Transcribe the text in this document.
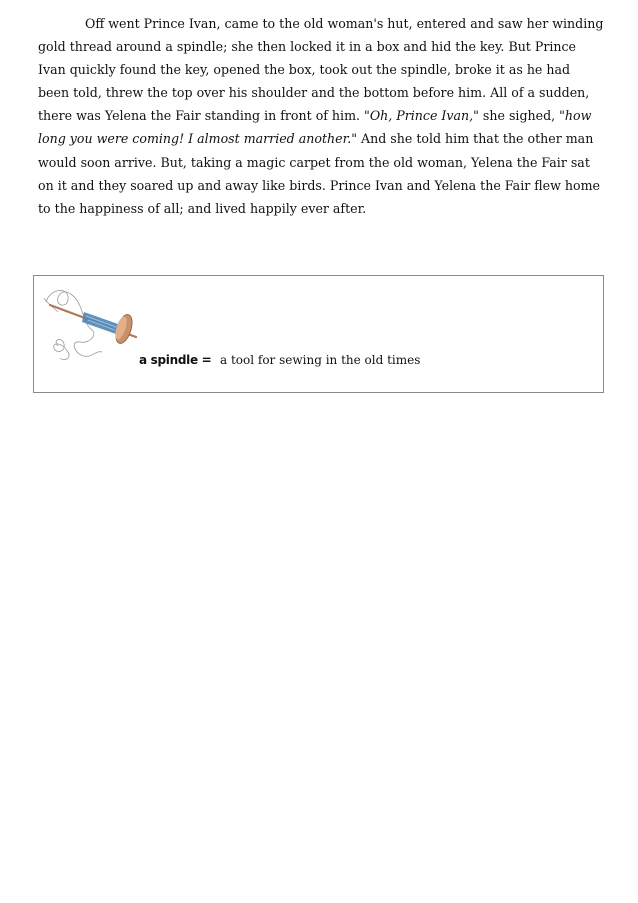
Off went Prince Ivan, came to the old woman's hut, entered and saw her winding gold thread around a spindle; she then locked it in a box and hid the key. But Prince Ivan quickly found the key, opened the box, took out the spindle, broke it as he had been told, threw the top over his shoulder and the bottom before him. All of a sudden, there was Yelena the Fair standing in front of him. "Oh, Prince Ivan," she sighed, "how long you were coming! I almost married another." And she told him that the other man would soon arrive. But, taking a magic carpet from the old woman, Yelena the Fair sat on it and they soared up and away like birds. Prince Ivan and Yelena the Fair flew home to the happiness of all; and lived happily ever after.

a spindle = a tool for sewing in the old times
